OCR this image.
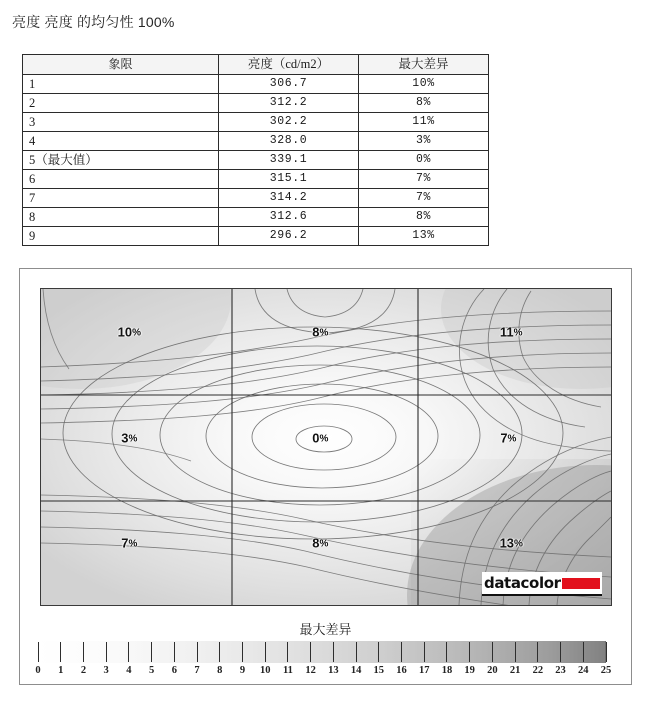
亮度 亮度 的均匀性 100%
象限	亮度（cd/m2）	最大差异
1	306.7	10%
2	312.2	8%
3	302.2	11%
4	328.0	3%
5（最大值）	339.1	0%
6	315.1	7%
7	314.2	7%
8	312.6	8%
9	296.2	13%
10%	8%	11%
3%	0%	7%
7%	8%	13%
datacolor
最大差异
0 1 2 3 4 5 6 7 8 9 10 11 12 13 14 15 16 17 18 19 20 21 22 23 24 25
